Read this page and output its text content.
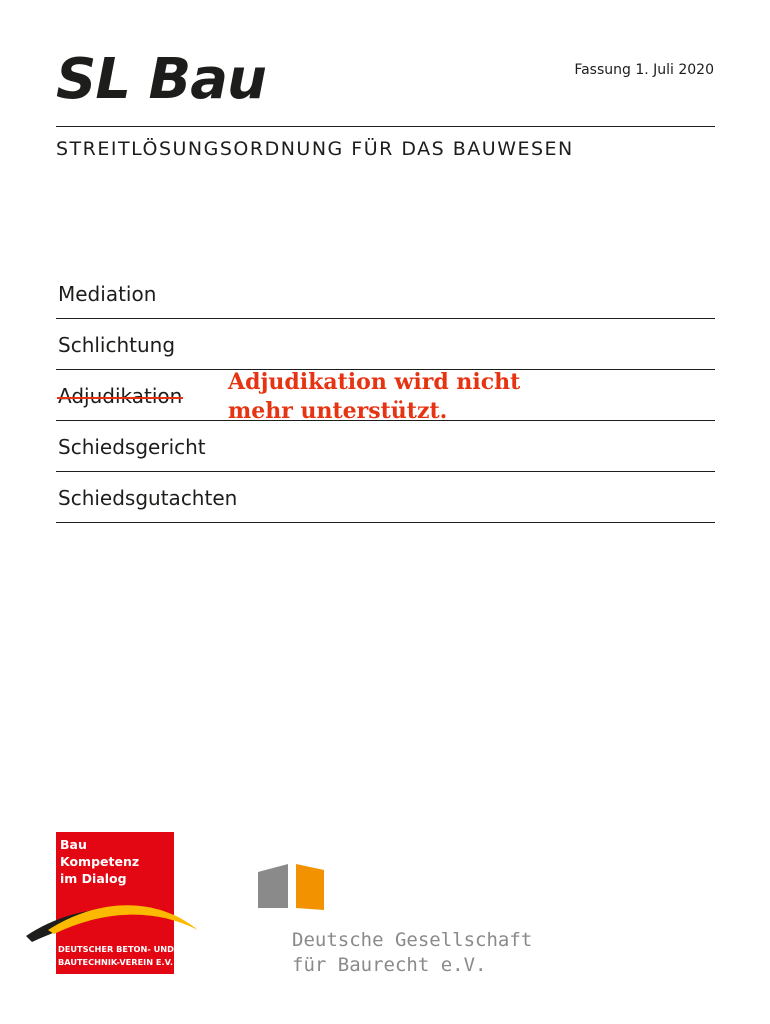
SL Bau	Fassung 1. Juli 2020
STREITLÖSUNGSORDNUNG FÜR DAS BAUWESEN
Mediation
Schlichtung
Adjudikation
Schiedsgericht
Schiedsgutachten
Adjudikation wird nicht
mehr unterstützt.
Bau
Kompetenz
im Dialog
DEUTSCHER BETON- UND
BAUTECHNIK-VEREIN E.V.
Deutsche Gesellschaft
für Baurecht e.V.
